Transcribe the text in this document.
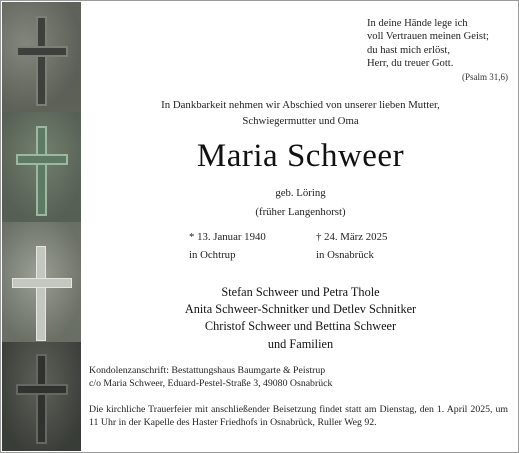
In deine Hände lege ich
voll Vertrauen meinen Geist;
du hast mich erlöst,
Herr, du treuer Gott.
(Psalm 31,6)
In Dankbarkeit nehmen wir Abschied von unserer lieben Mutter,
Schwiegermutter und Oma
Maria Schweer
geb. Löring
(früher Langenhorst)
* 13. Januar 1940
in Ochtrup
† 24. März 2025
in Osnabrück
Stefan Schweer und Petra Thole
Anita Schweer-Schnitker und Detlev Schnitker
Christof Schweer und Bettina Schweer
und Familien
Kondolenzanschrift: Bestattungshaus Baumgarte & Peistrup
c/o Maria Schweer, Eduard-Pestel-Straße 3, 49080 Osnabrück
Die kirchliche Trauerfeier mit anschließender Beisetzung findet statt am Dienstag, den 1. April 2025, um 11 Uhr in der Kapelle des Haster Friedhofs in Osnabrück, Ruller Weg 92.
